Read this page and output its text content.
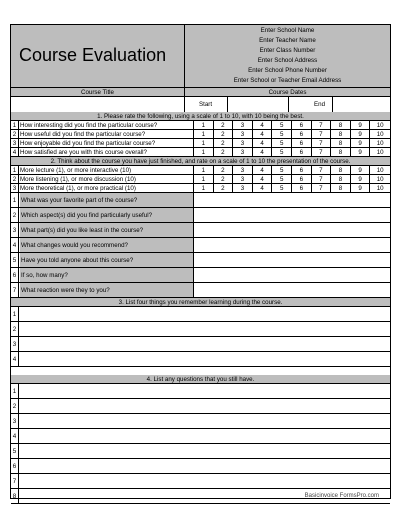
Course Evaluation
Enter School Name
Enter Teacher Name
Enter Class Number
Enter School Address
Enter School Phone Number
Enter School or Teacher Email Address
Course Title	Course Dates
Start	End
1. Please rate the following, using a scale of 1 to 10, with 10 being the best.
1 How interesting did you find the particular course?	1	2	3	4	5	6	7	8	9	10
2 How useful did you find the particular course?	1	2	3	4	5	6	7	8	9	10
3 How enjoyable did you find the particular course?	1	2	3	4	5	6	7	8	9	10
4 How satisfied are you with this course overall?	1	2	3	4	5	6	7	8	9	10
2. Think about the course you have just finished, and rate on a scale of 1 to 10 the presentation of the course.
1 More lecture (1), or more interactive (10)	1	2	3	4	5	6	7	8	9	10
2 More listening (1), or more discussion (10)	1	2	3	4	5	6	7	8	9	10
3 More theoretical (1), or more practical (10)	1	2	3	4	5	6	7	8	9	10
1 What was your favorite part of the course?
2 Which aspect(s) did you find particularly useful?
3 What part(s) did you like least in the course?
4 What changes would you recommend?
5 Have you told anyone about this course?
6 If so, how many?
7 What reaction were they to you?
3. List four things you remember learning during the course.
1
2
3
4
4. List any questions that you still have.
1
2
3
4
5
6
7
8	Basicinvoice FormsPro.com
